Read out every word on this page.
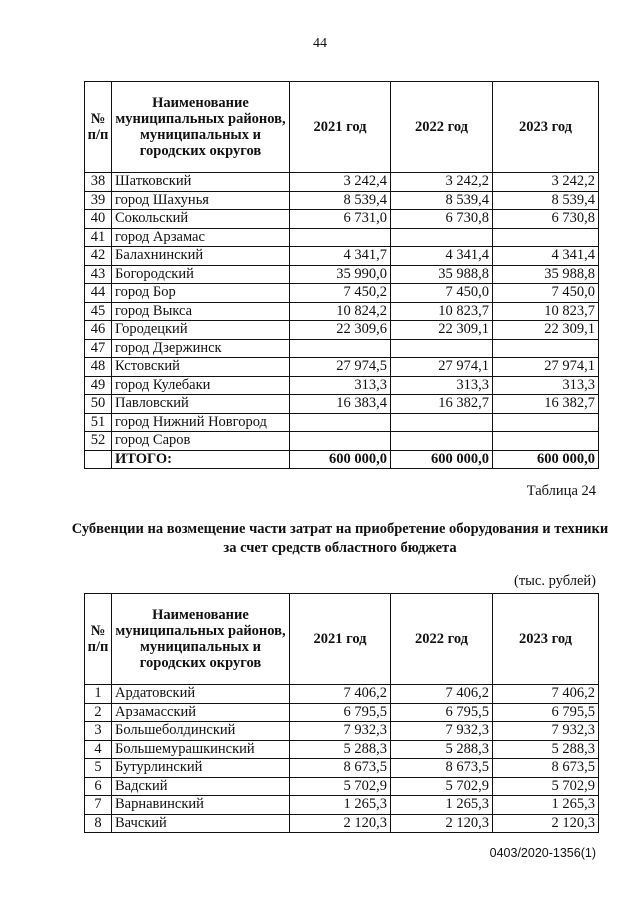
44
№ п/п	Наименование муниципальных районов, муниципальных и городских округов	2021 год	2022 год	2023 год
38	Шатковский	3 242,4	3 242,2	3 242,2
39	город Шахунья	8 539,4	8 539,4	8 539,4
40	Сокольский	6 731,0	6 730,8	6 730,8
41	город Арзамас			
42	Балахнинский	4 341,7	4 341,4	4 341,4
43	Богородский	35 990,0	35 988,8	35 988,8
44	город Бор	7 450,2	7 450,0	7 450,0
45	город Выкса	10 824,2	10 823,7	10 823,7
46	Городецкий	22 309,6	22 309,1	22 309,1
47	город Дзержинск			
48	Кстовский	27 974,5	27 974,1	27 974,1
49	город Кулебаки	313,3	313,3	313,3
50	Павловский	16 383,4	16 382,7	16 382,7
51	город Нижний Новгород			
52	город Саров			
	ИТОГО:	600 000,0	600 000,0	600 000,0
Таблица 24
Субвенции на возмещение части затрат на приобретение оборудования и техники за счет средств областного бюджета
(тыс. рублей)
№ п/п	Наименование муниципальных районов, муниципальных и городских округов	2021 год	2022 год	2023 год
1	Ардатовский	7 406,2	7 406,2	7 406,2
2	Арзамасский	6 795,5	6 795,5	6 795,5
3	Большеболдинский	7 932,3	7 932,3	7 932,3
4	Большемурашкинский	5 288,3	5 288,3	5 288,3
5	Бутурлинский	8 673,5	8 673,5	8 673,5
6	Вадский	5 702,9	5 702,9	5 702,9
7	Варнавинский	1 265,3	1 265,3	1 265,3
8	Вачский	2 120,3	2 120,3	2 120,3
0403/2020-1356(1)
